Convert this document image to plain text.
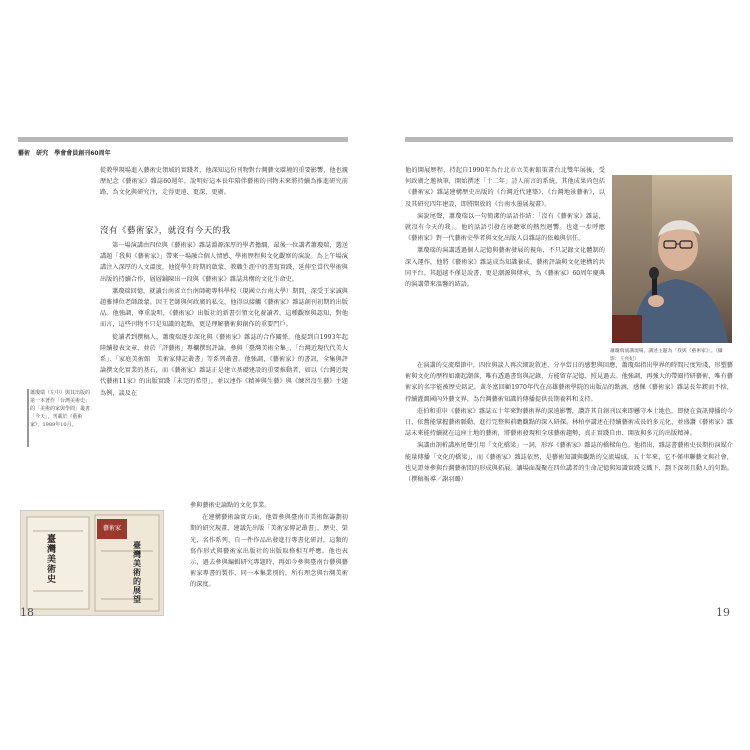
藝術 研究 學會會員創刊60周年

從教學現場進入藝術史領域的實踐者，他深知這份刊物對台灣藝文環境的重要影響，他也親歷紀念《藝術家》雜誌60週年，說明好這本長年陪伴藝術的刊物未來將持續為推進研究前路，為文化與研究注，走得更遠、更深、更廣。

沒有《藝術家》，就沒有今天的我

第一場演講由四位與《藝術家》雜誌淵源深厚的學者擔綱，最後一位講者蕭瓊瑞，選送講題「我與《藝術家》」帶來一場融合個人情感、學術歷程與文化觀察的演說。為上午場演講注入深厚的人文溫度，他從學生時期的啟蒙、教職生涯中的書寫實踐，延伸至當代學術與出版的持續合作，層層鋪陳出一段與《藝術家》雜誌共構的文化生命史。

蕭瓊瑞回憶，就讀台南省立台南師範專科學校（現國立台南大學）期間，深受王家誠與趙雅博位老師啟蒙。因王老師與何政廣的私交，他得以接觸《藝術家》雜誌創刊初期的出版品。他強調，尊重說明，《藝術家》出版社的新書引領文化養讀者，這種觀察與認知，對他而言，這些刊物不只是知識的起點，更是理解藝術與創作的重要門戶。

從讀者到撰稿人，蕭瓊瑞逐步深化與《藝術家》雜誌的合作關係。他提到自1993年起陸續發表文章，並於「評藝術」專欄撰寫評論，參與「臺灣美術全集」、「台灣近現代代美大系」、「家庭美術館　美術家傳記叢書」等系列叢書。他強調，《藝術家》的書訊，全集與評論撰文化實業的基石，而《藝術家》雜誌正是建立基礎建設的重要推動者，如以《台灣近現代藝術11家》的出版實踐「未完的希望」，並以連作《精神與生藝》與《練習沒生藝》主題為例，談及在

參與藝術史論點的文化事業。

在建構藝術論實方面，他曾參與臺南市美術館籌劃初期的研究規畫，建議先出版「美術家傳記叢書」，歷史、榮光、名作系列，自一件作品出發進行專書化研討，這類的寫作形式與藝術家出版社的出版取格相互呼應。他也表示，過去參與編輯研究專題時，再如今參與臺南台藝與藝術家專書的製作，同一本集業別的，所有理念與台灣美術的深度。

蕭瓊瑞（左中）與其出版的第一本著作「台灣美術史」的「美術的家與學問」叢書「今天」，刊載於《藝術家》，1989年10月。
臺灣美術史
臺灣美術的展望
藝術家
18

他的開展歷程，持起自1990年為台北市立美術館策畫台北雙年展後，受何政廣之邀執筆，開始撰述「十二年」詩人前言的系統，其他成果尚包括《藝術家》雜誌建構歷史出版的《台灣近代建築》、《台灣地景藝術》，以及其研究四年建設，即將開放的《台南水墨展規畫》。

演說尾聲，蕭瓊瑞以一句簡潔的話語作結：「沒有《藝術家》雜誌，就沒有今天的我」。他的話語引發在座聽眾的熱烈迴響。也進一步呼應《藝術家》對一代藝術史學者與文化出版人員雜誌的依賴與信任。

蕭瓊瑞的演講透過個人記憶與藝術發展的視角，不只記錄文化體制的深入運作，他將《藝術家》雜誌成為知識養成、藝術評論與文化建構的共同平台。其超越不僅是說書，更是潮源與傳承，為《藝術家》60周年慶典的演講帶來溫馨的結語。

蕭瓊瑞演講現場，講述主題為「我與《藝術家》」。（攝影：王亮妃）

在演講的交流環節中，四位與談人再次細說敘述，分享當日的感想與回應，蕭瓊瑞指出學界的時間尺度短淺，形塑藝術與文化的歷程如潮起潮落，唯有透過書寫與記錄，方能留存記憶、照見過去。他強調，再強大的帶圈持研藝術，唯有藝術家的名字能被歷史銘記。黃冬富回顧1970年代在高雄藝術學院的出版品的點滴，感佩《藝術家》雜誌長年鍥而不捨，持續灌溉國內外藝文界，為台灣藝術知識的傳播提供長期養料和支持。

莊伯和重申《藝術家》雜誌五十年來對藝術界的深遠影響，讚許其自創刊以來即懸守本土地色，即便在資訊傳播的今日，依舊能掌握藝術脈動，進行完整與前瞻觀點的深入研探。林柏亭講述在持續藝術成長的多元化，並盛讚《藝術家》雜誌未來能持續就在這座土地的藝術，將藝術發現和全球藝術趨勢，真正實踐自由、開放與多元的出版精神。

演講由剖析講座尾聲引用「文化橋梁」一詞，形容《藝術家》雜誌的橋樑角色。他指出，雜誌書藝術史長期扮演媒介能量傳播「文化的橋梁」，而《藝術家》雜誌依然，是藝術知識與觀點的交流場域。五十年來，它不僅串聯藝文與社會，也見證並參與台灣藝術間的形成與拓展。讓場面凝聚在四位講者的生命記憶與知識實踐交織下，劃下深刻且動人的句點。（撰稿報導／謝羽璐）

19
